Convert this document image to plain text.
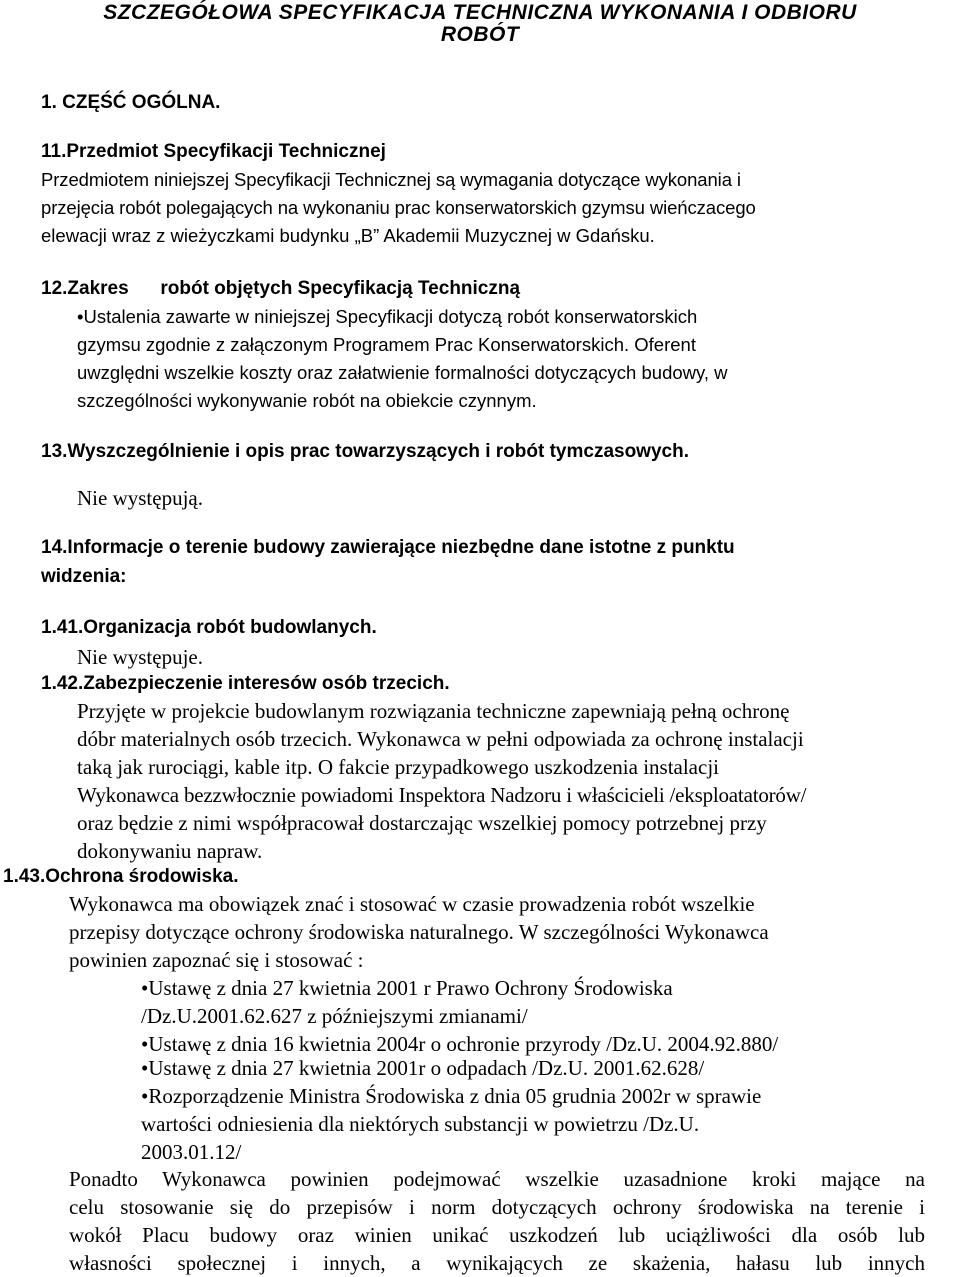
SZCZEGÓŁOWA SPECYFIKACJA TECHNICZNA WYKONANIA I ODBIORU
ROBÓT
1. CZĘŚĆ OGÓLNA.
11.Przedmiot Specyfikacji Technicznej
Przedmiotem niniejszej Specyfikacji Technicznej są wymagania dotyczące wykonania i
przejęcia robót polegających na wykonaniu prac konserwatorskich gzymsu wieńczacego
elewacji wraz z wieżyczkami budynku „B” Akademii Muzycznej w Gdańsku.
12.Zakres      robót objętych Specyfikacją Techniczną
• Ustalenia zawarte w niniejszej Specyfikacji dotyczą robót konserwatorskich
gzymsu zgodnie z załączonym Programem Prac Konserwatorskich. Oferent
uwzględni wszelkie koszty oraz załatwienie formalności dotyczących budowy, w
szczególności wykonywanie robót na obiekcie czynnym.
13.Wyszczególnienie i opis prac towarzyszących i robót tymczasowych.
Nie występują.
14.Informacje o terenie budowy zawierające niezbędne dane istotne z punktu
widzenia:
1.41.Organizacja robót budowlanych.
Nie występuje.
1.42.Zabezpieczenie interesów osób trzecich.
Przyjęte w projekcie budowlanym rozwiązania techniczne zapewniają pełną ochronę
dóbr materialnych osób trzecich. Wykonawca w pełni odpowiada za ochronę instalacji
taką jak rurociągi, kable itp. O fakcie przypadkowego uszkodzenia instalacji
Wykonawca bezzwłocznie powiadomi Inspektora Nadzoru i właścicieli /eksploatatorów/
oraz będzie z nimi współpracował dostarczając wszelkiej pomocy potrzebnej przy
dokonywaniu napraw.
1.43.Ochrona środowiska.
Wykonawca ma obowiązek znać i stosować w czasie prowadzenia robót wszelkie
przepisy dotyczące ochrony środowiska naturalnego. W szczególności Wykonawca
powinien zapoznać się i stosować :
• Ustawę z dnia 27 kwietnia 2001 r Prawo Ochrony Środowiska
/Dz.U.2001.62.627 z późniejszymi zmianami/
• Ustawę z dnia 16 kwietnia 2004r o ochronie przyrody /Dz.U. 2004.92.880/
• Ustawę z dnia 27 kwietnia 2001r o odpadach /Dz.U. 2001.62.628/
• Rozporządzenie Ministra Środowiska z dnia 05 grudnia 2002r w sprawie
wartości odniesienia dla niektórych substancji w powietrzu /Dz.U.
2003.01.12/
Ponadto Wykonawca powinien podejmować wszelkie uzasadnione kroki mające na
celu stosowanie się do przepisów i norm dotyczących ochrony środowiska na terenie i
wokół Placu budowy oraz winien unikać uszkodzeń lub uciążliwości dla osób lub
własności społecznej i innych, a wynikających ze skażenia, hałasu lub innych
